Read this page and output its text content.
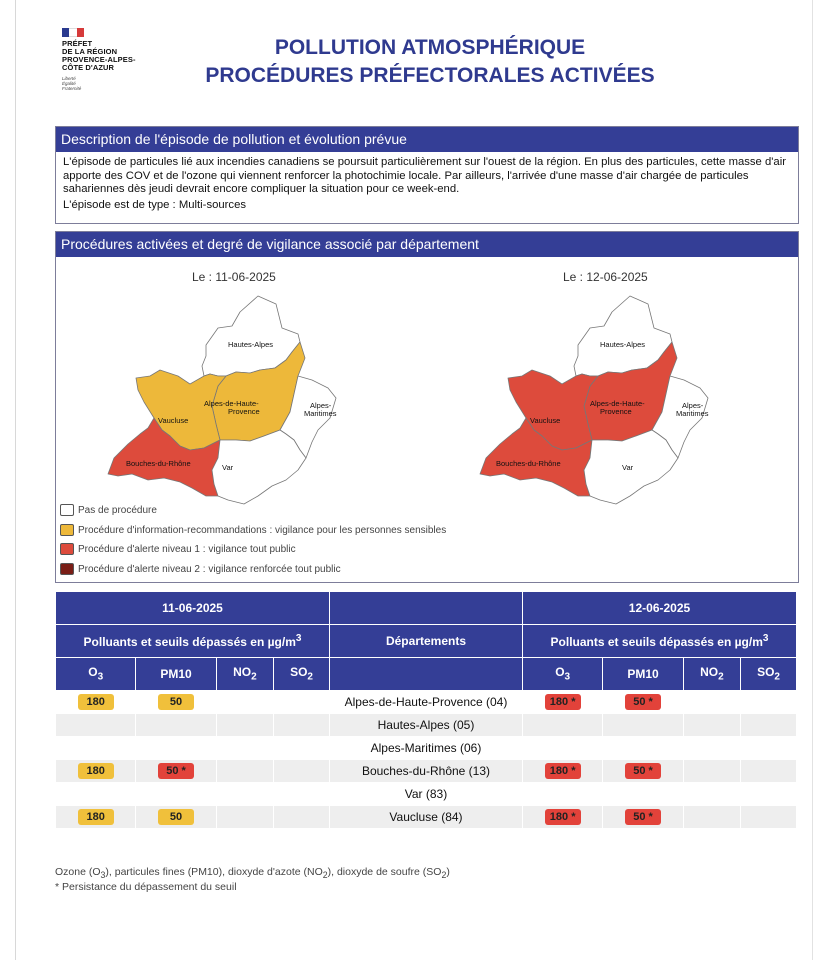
PRÉFET
DE LA RÉGION
PROVENCE-ALPES-
CÔTE D'AZUR
Liberté
Égalité
Fraternité
POLLUTION ATMOSPHÉRIQUE
PROCÉDURES PRÉFECTORALES ACTIVÉES
Description de l'épisode de pollution et évolution prévue
L'épisode de particules lié aux incendies canadiens se poursuit particulièrement sur l'ouest de la région. En plus des particules, cette masse d'air apporte des COV et de l'ozone qui viennent renforcer la photochimie locale. Par ailleurs, l'arrivée d'une masse d'air chargée de particules sahariennes dès jeudi devrait encore compliquer la situation pour ce week-end.
L'épisode est de type : Multi-sources
Procédures activées et degré de vigilance associé par département
Le : 11-06-2025	Le : 12-06-2025
Hautes-Alpes
Alpes-de-Haute-
Provence
Alpes-
Maritimes
Vaucluse
Bouches-du-Rhône	Var
Hautes-Alpes
Alpes-de-Haute-
Provence
Alpes-
Maritimes
Vaucluse
Bouches-du-Rhône	Var
Pas de procédure
Procédure d'information-recommandations : vigilance pour les personnes sensibles
Procédure d'alerte niveau 1 : vigilance tout public
Procédure d'alerte niveau 2 : vigilance renforcée tout public
11-06-2025					12-06-2025			
Polluants et seuils dépassés en $\mu g/m^3$				Départements	Polluants et seuils dépassés en $\mu g/m^3$
$O_3$	PM10	$NO_2$	$SO_2$		$O_3$	PM10	$NO_2$	$SO_2$
180	50			Alpes-de-Haute-Provence (04)	180 *	50 *		
				Hautes-Alpes (05)				
				Alpes-Maritimes (06)				
180	50 *			Bouches-du-Rhône (13)	180 *	50 *		
				Var (83)				
180	50			Vaucluse (84)	180 *	50 *		
Ozone $(O_3)$, particules fines (PM10), dioxyde d'azote $(NO_2)$, dioxyde de soufre $(SO_2)$
* Persistance du dépassement du seuil
